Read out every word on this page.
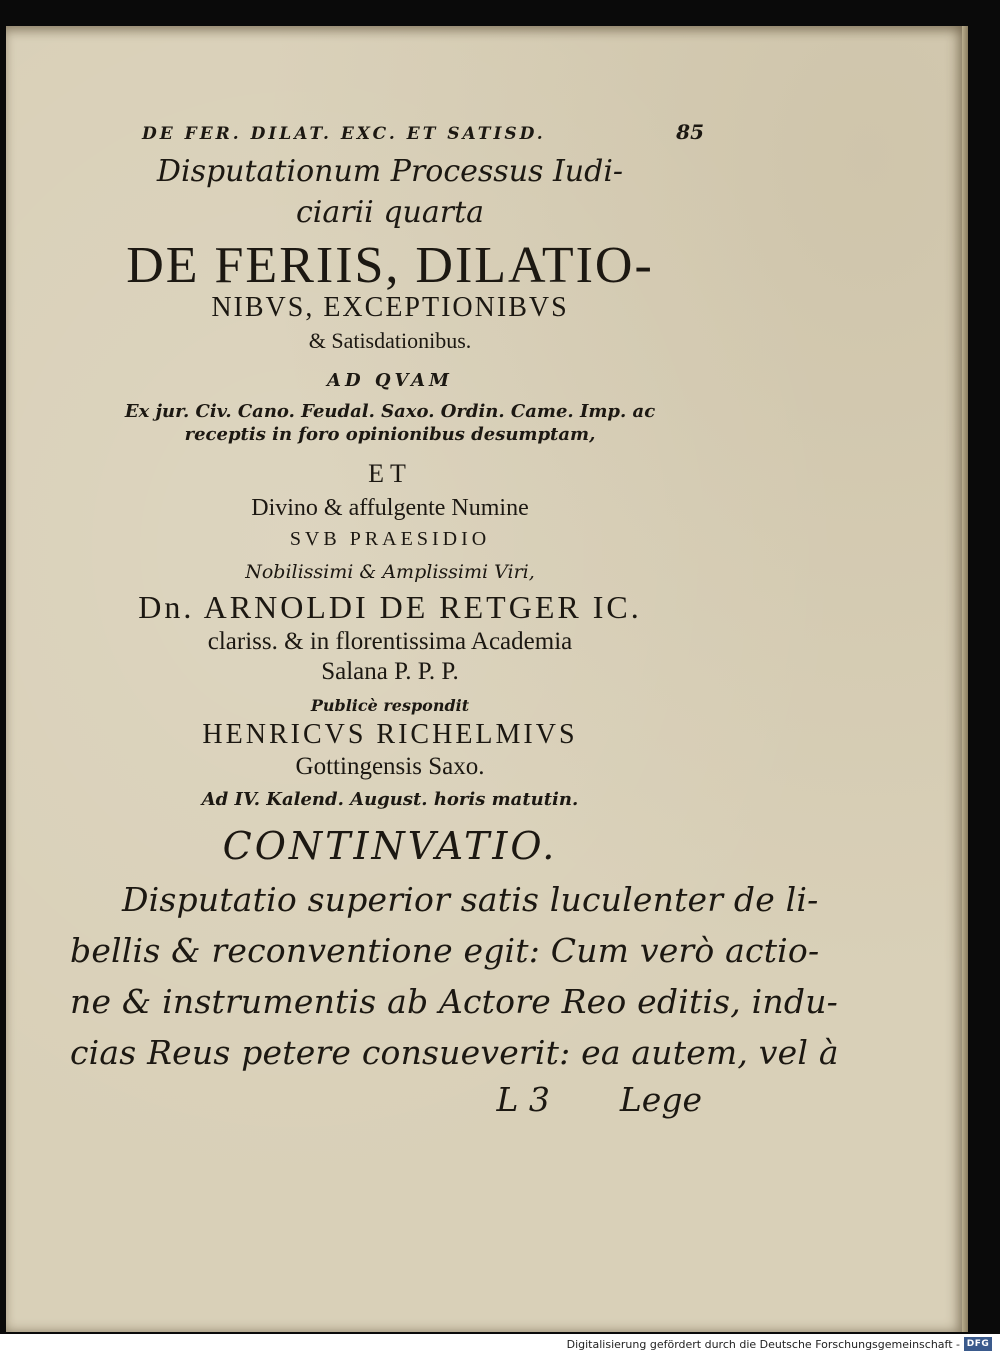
DE FER. DILAT. EXC. ET SATISD.	85
Disputationum Processus Iudi-
ciarii quarta
DE FERIIS, DILATIO-
NIBVS, EXCEPTIONIBVS
& Satisdationibus.
AD QVAM
Ex jur. Civ. Cano. Feudal. Saxo. Ordin. Came. Imp. ac
receptis in foro opinionibus desumptam,
ET
Divino & affulgente Numine
SVB PRAESIDIO
Nobilissimi & Amplissimi Viri,
Dn. ARNOLDI DE RETGER IC.
clariss. & in florentissima Academia
Salana P. P. P.
Publicè respondit
HENRICVS RICHELMIVS
Gottingensis Saxo.
Ad IV. Kalend. August. horis matutin.
CONTINVATIO.
Disputatio superior satis luculenter de li-
bellis & reconventione egit: Cum verò actio-
ne & instrumentis ab Actore Reo editis, indu-
cias Reus petere consueverit: ea autem, vel à
L 3 Lege
Digitalisierung gefördert durch die Deutsche Forschungsgemeinschaft - DFG
